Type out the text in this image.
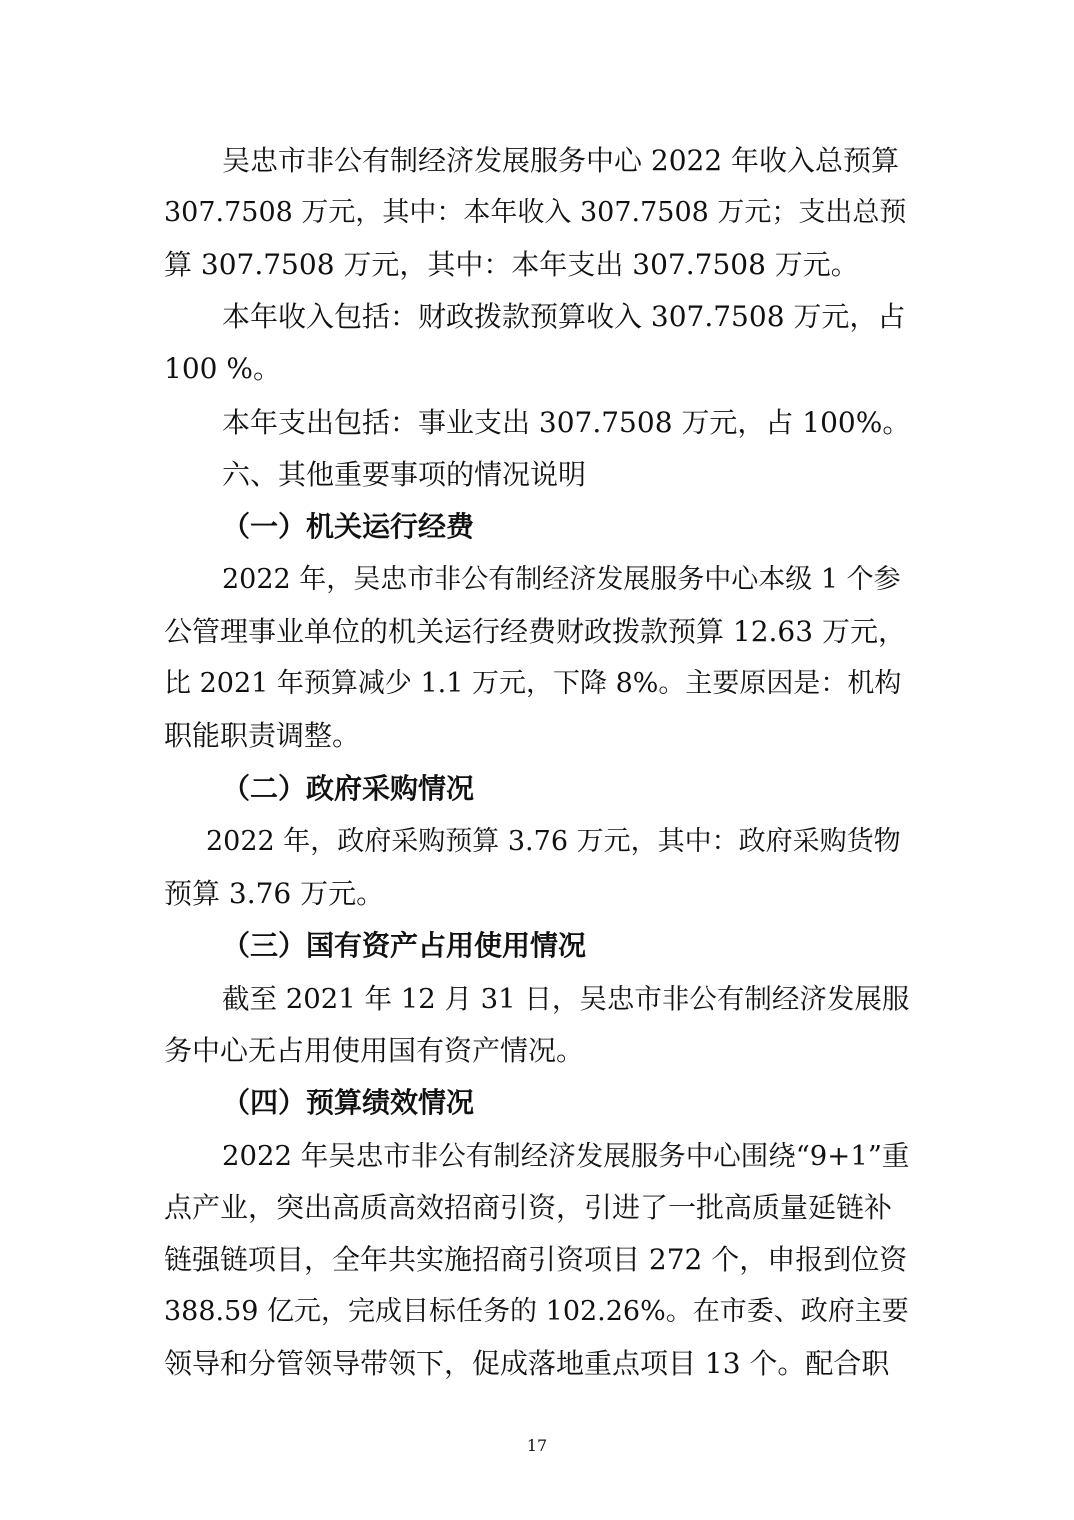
吴忠市非公有制经济发展服务中心 2022 年收入总预算
307.7508 万元，其中：本年收入 307.7508 万元；支出总预
算 307.7508 万元，其中：本年支出 307.7508 万元。
本年收入包括：财政拨款预算收入 307.7508 万元，占
100 %。
本年支出包括：事业支出 307.7508 万元，占 100%。
六、其他重要事项的情况说明
（一）机关运行经费
2022 年，吴忠市非公有制经济发展服务中心本级 1 个参
公管理事业单位的机关运行经费财政拨款预算 12.63 万元，
比 2021 年预算减少 1.1 万元，下降 8%。主要原因是：机构
职能职责调整。
（二）政府采购情况
2022 年，政府采购预算 3.76 万元，其中：政府采购货物
预算 3.76 万元。
（三）国有资产占用使用情况
截至 2021 年 12 月 31 日，吴忠市非公有制经济发展服
务中心无占用使用国有资产情况。
（四）预算绩效情况
2022 年吴忠市非公有制经济发展服务中心围绕“9+1”重
点产业，突出高质高效招商引资，引进了一批高质量延链补
链强链项目，全年共实施招商引资项目 272 个，申报到位资
388.59 亿元，完成目标任务的 102.26%。在市委、政府主要
领导和分管领导带领下，促成落地重点项目 13 个。配合职
17
